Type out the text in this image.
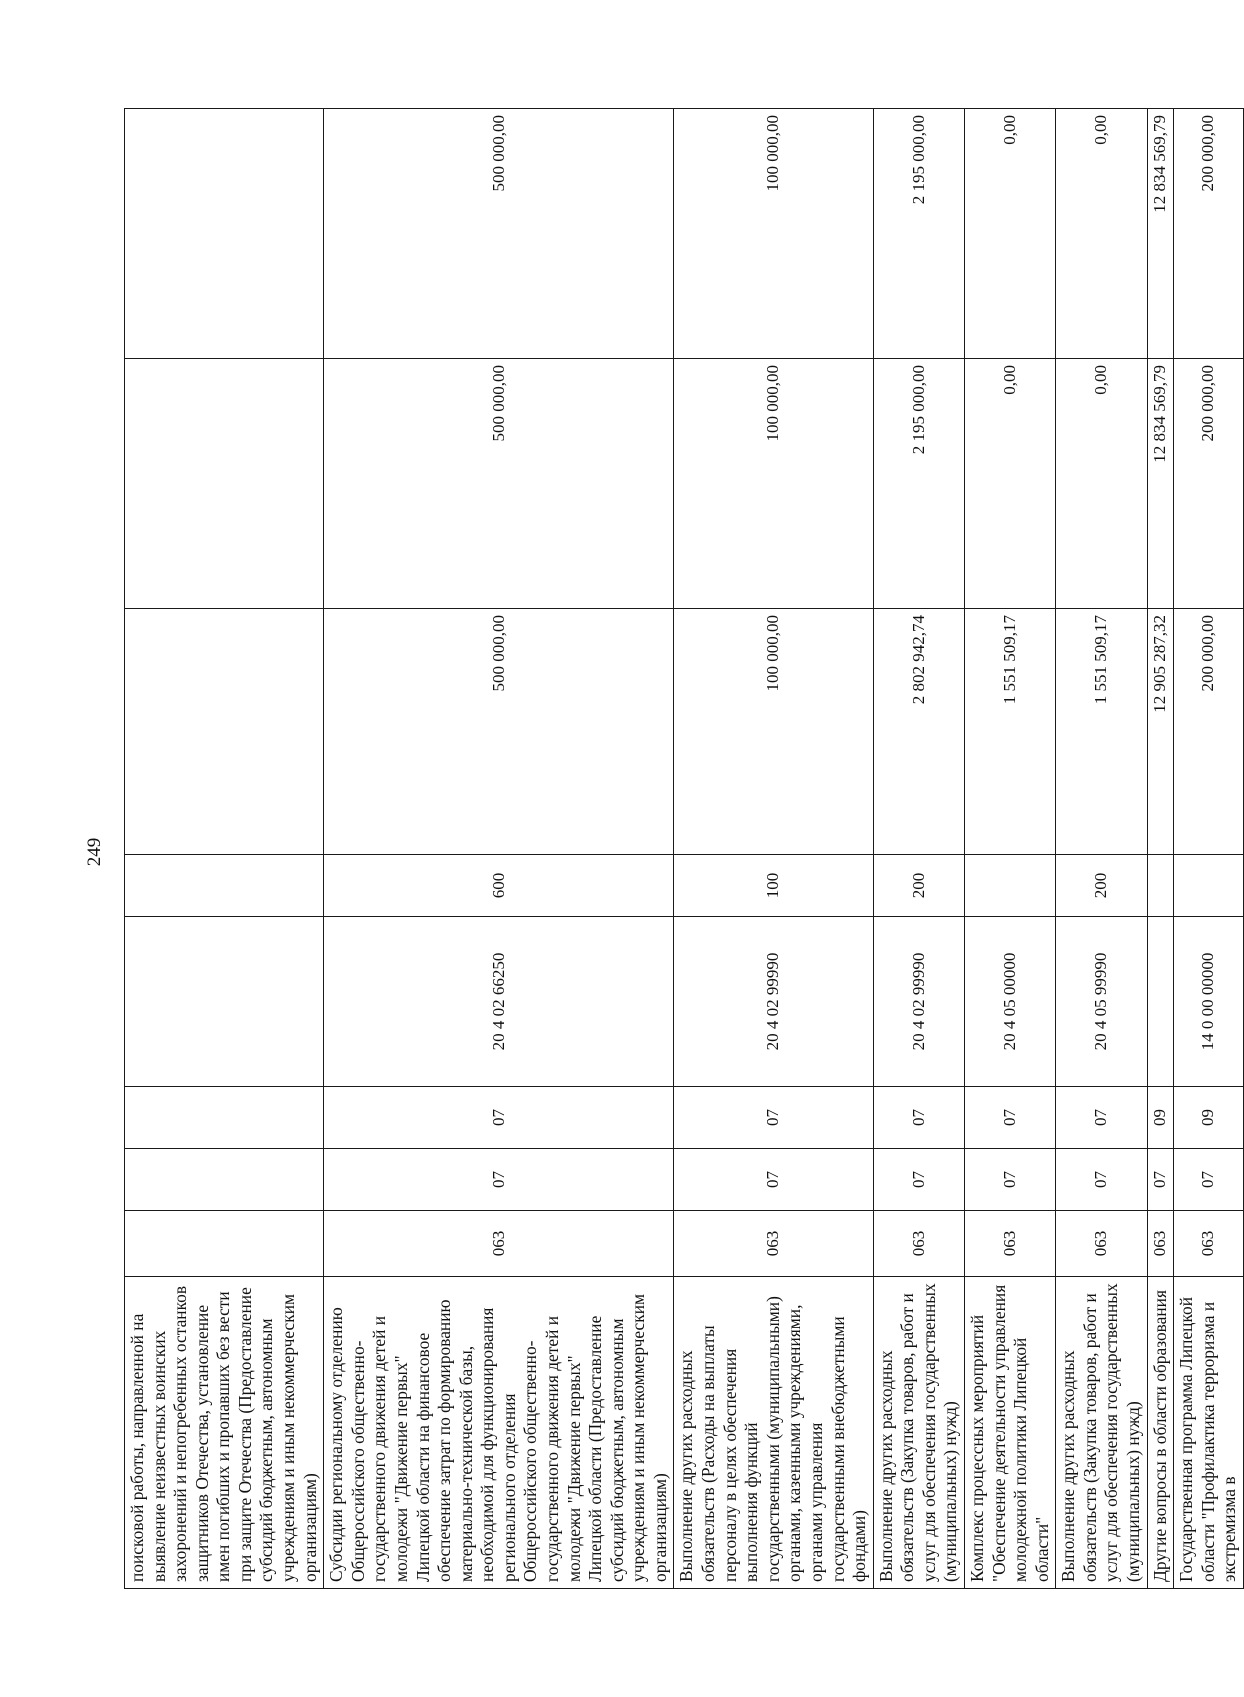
249
поисковой работы, направленной на выявление неизвестных воинских захоронений и непогребенных останков защитников Отечества, установление имен погибших и пропавших без вести при защите Отечества (Предоставление субсидий бюджетным, автономным учреждениям и иным некоммерческим организациям)								
Субсидии региональному отделению Общероссийского общественно-государственного движения детей и молодежи "Движение первых" Липецкой области на финансовое обеспечение затрат по формированию материально-технической базы, необходимой для функционирования регионального отделения Общероссийского общественно-государственного движения детей и молодежи "Движение первых" Липецкой области (Предоставление субсидий бюджетным, автономным учреждениям и иным некоммерческим организациям)	063	07	07	20 4 02 66250	600	500 000,00	500 000,00	500 000,00
Выполнение других расходных обязательств (Расходы на выплаты персоналу в целях обеспечения выполнения функций государственными (муниципальными) органами, казенными учреждениями, органами управления государственными внебюджетными фондами)	063	07	07	20 4 02 99990	100	100 000,00	100 000,00	100 000,00
Выполнение других расходных обязательств (Закупка товаров, работ и услуг для обеспечения государственных (муниципальных) нужд)	063	07	07	20 4 02 99990	200	2 802 942,74	2 195 000,00	2 195 000,00
Комплекс процессных мероприятий "Обеспечение деятельности управления молодежной политики Липецкой области"	063	07	07	20 4 05 00000		1 551 509,17	0,00	0,00
Выполнение других расходных обязательств (Закупка товаров, работ и услуг для обеспечения государственных (муниципальных) нужд)	063	07	07	20 4 05 99990	200	1 551 509,17	0,00	0,00
Другие вопросы в области образования	063	07	09			12 905 287,32	12 834 569,79	12 834 569,79
Государственная программа Липецкой области "Профилактика терроризма и экстремизма в	063	07	09	14 0 00 00000		200 000,00	200 000,00	200 000,00
